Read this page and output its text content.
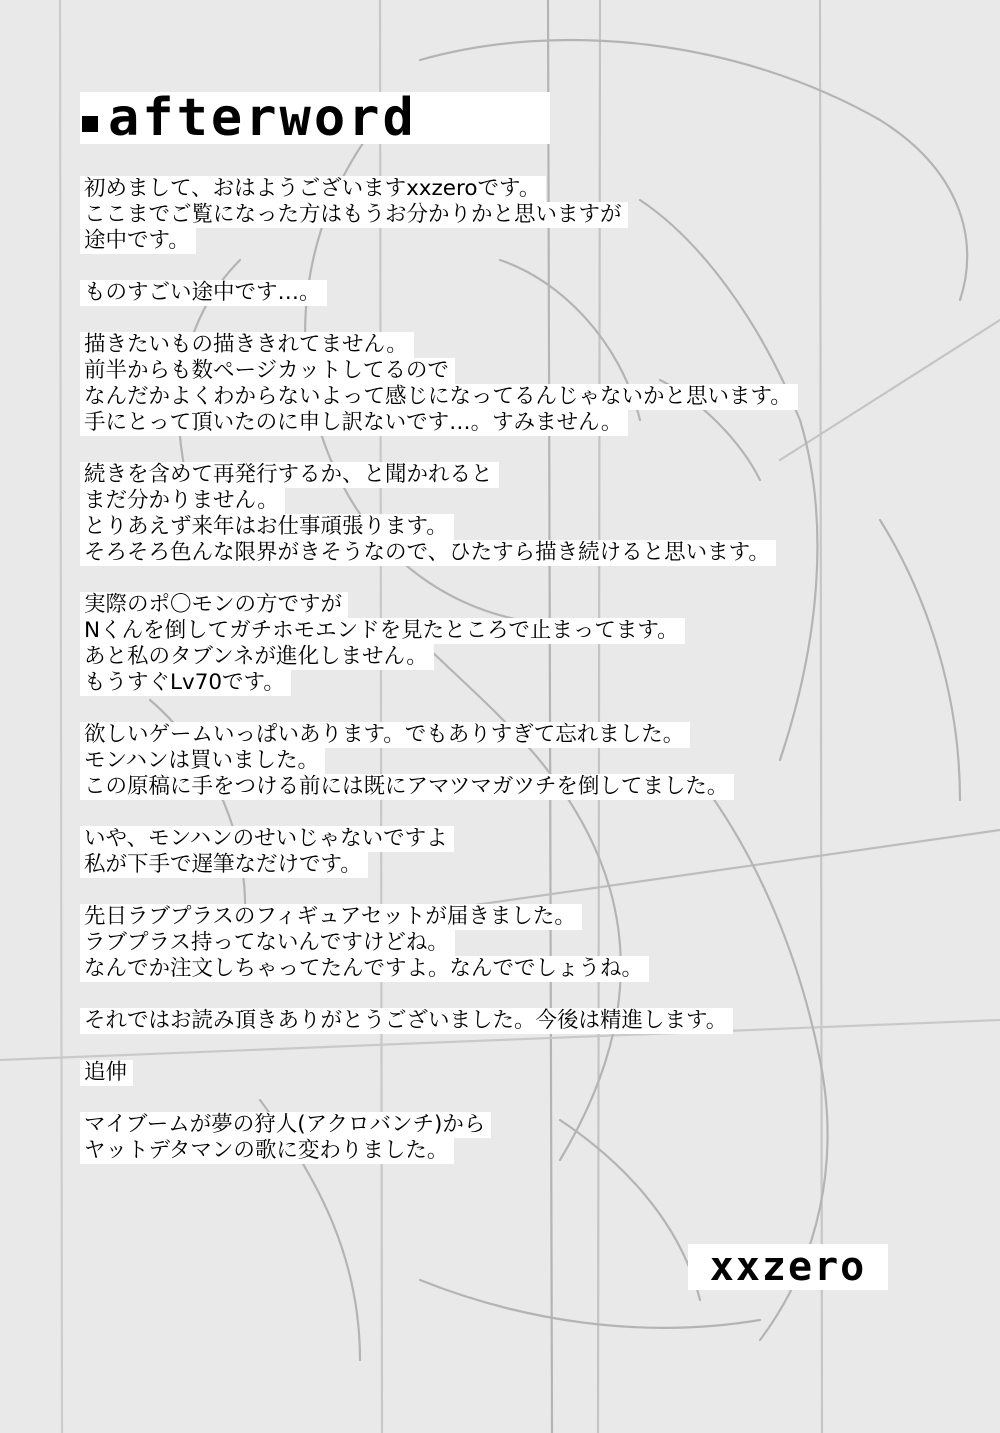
afterword
初めまして、おはようございますxxzeroです。
ここまでご覧になった方はもうお分かりかと思いますが
途中です。
ものすごい途中です…。
描きたいもの描ききれてません。
前半からも数ページカットしてるので
なんだかよくわからないよって感じになってるんじゃないかと思います。
手にとって頂いたのに申し訳ないです…。すみません。
続きを含めて再発行するか、と聞かれると
まだ分かりません。
とりあえず来年はお仕事頑張ります。
そろそろ色んな限界がきそうなので、ひたすら描き続けると思います。
実際のポ〇モンの方ですが
Nくんを倒してガチホモエンドを見たところで止まってます。
あと私のタブンネが進化しません。
もうすぐLv70です。
欲しいゲームいっぱいあります。でもありすぎて忘れました。
モンハンは買いました。
この原稿に手をつける前には既にアマツマガツチを倒してました。
いや、モンハンのせいじゃないですよ
私が下手で遅筆なだけです。
先日ラブプラスのフィギュアセットが届きました。
ラブプラス持ってないんですけどね。
なんでか注文しちゃってたんですよ。なんででしょうね。
それではお読み頂きありがとうございました。今後は精進します。
追伸
マイブームが夢の狩人(アクロバンチ)から
ヤットデタマンの歌に変わりました。
xxzero
